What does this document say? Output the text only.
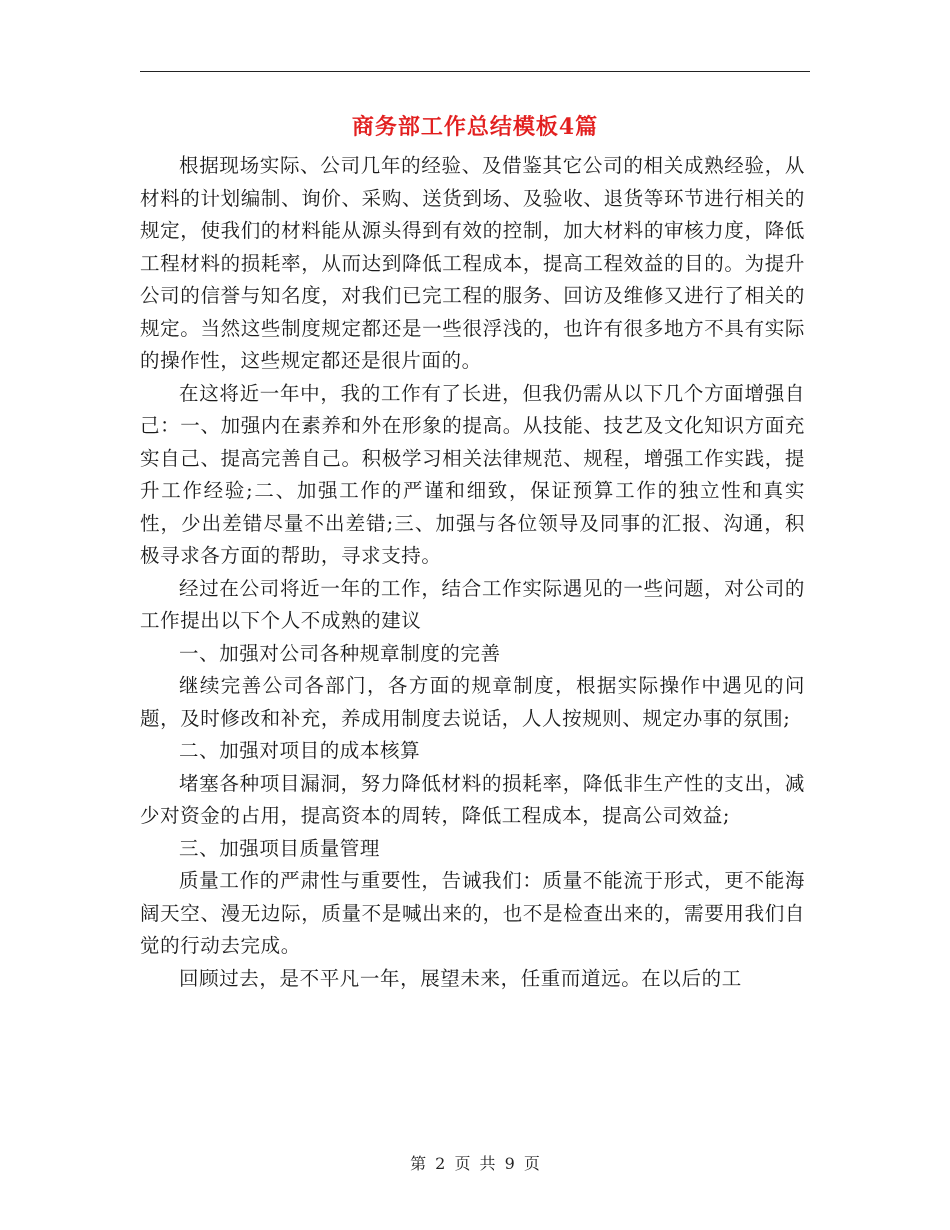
商务部工作总结模板4篇

根据现场实际、公司几年的经验、及借鉴其它公司的相关成熟经验，从材料的计划编制、询价、采购、送货到场、及验收、退货等环节进行相关的规定，使我们的材料能从源头得到有效的控制，加大材料的审核力度，降低工程材料的损耗率，从而达到降低工程成本，提高工程效益的目的。为提升公司的信誉与知名度，对我们已完工程的服务、回访及维修又进行了相关的规定。当然这些制度规定都还是一些很浮浅的，也许有很多地方不具有实际的操作性，这些规定都还是很片面的。

在这将近一年中，我的工作有了长进，但我仍需从以下几个方面增强自己：一、加强内在素养和外在形象的提高。从技能、技艺及文化知识方面充实自己、提高完善自己。积极学习相关法律规范、规程，增强工作实践，提升工作经验;二、加强工作的严谨和细致，保证预算工作的独立性和真实性，少出差错尽量不出差错;三、加强与各位领导及同事的汇报、沟通，积极寻求各方面的帮助，寻求支持。

经过在公司将近一年的工作，结合工作实际遇见的一些问题，对公司的工作提出以下个人不成熟的建议

一、加强对公司各种规章制度的完善

继续完善公司各部门，各方面的规章制度，根据实际操作中遇见的问题，及时修改和补充，养成用制度去说话，人人按规则、规定办事的氛围;

二、加强对项目的成本核算

堵塞各种项目漏洞，努力降低材料的损耗率，降低非生产性的支出，减少对资金的占用，提高资本的周转，降低工程成本，提高公司效益;

三、加强项目质量管理

质量工作的严肃性与重要性，告诫我们：质量不能流于形式，更不能海阔天空、漫无边际，质量不是喊出来的，也不是检查出来的，需要用我们自觉的行动去完成。

回顾过去，是不平凡一年，展望未来，任重而道远。在以后的工

第 2 页 共 9 页
